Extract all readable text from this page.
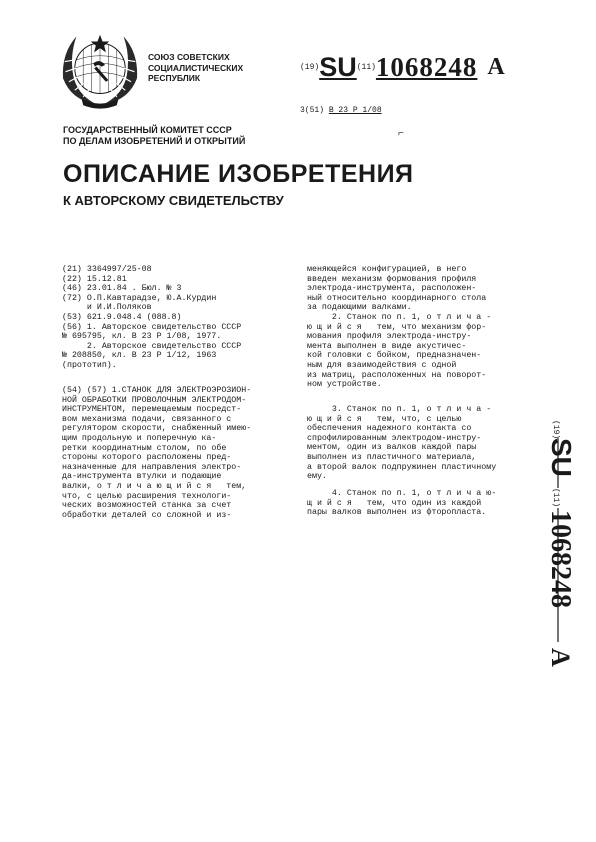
СОЮЗ СОВЕТСКИХ
СОЦИАЛИСТИЧЕСКИХ
РЕСПУБЛИК
(19)SU(11)1068248 A
3(51) В 23 Р 1/08
⌐
ГОСУДАРСТВЕННЫЙ КОМИТЕТ СССР
ПО ДЕЛАМ ИЗОБРЕТЕНИЙ И ОТКРЫТИЙ
ОПИСАНИЕ ИЗОБРЕТЕНИЯ
К АВТОРСКОМУ СВИДЕТЕЛЬСТВУ
(21) 3364997/25-08
(22) 15.12.81
(46) 23.01.84 . Бюл. № 3
(72) О.П.Кавтарадзе, Ю.А.Курдин
и И.И.Поляков
(53) 621.9.048.4 (088.8)
(56) 1. Авторское свидетельство СССР
№ 695795, кл. В 23 Р 1/08, 1977.
2. Авторское свидетельство СССР
№ 208850, кл. В 23 Р 1/12, 1963
(прототип).
(54) (57) 1.СТАНОК ДЛЯ ЭЛЕКТРОЭРОЗИОН-
НОЙ ОБРАБОТКИ ПРОВОЛОЧНЫМ ЭЛЕКТРОДОМ-
ИНСТРУМЕНТОМ, перемещаемым посредст-
вом механизма подачи, связанного с
регулятором скорости, снабженный имею-
щим продольную и поперечную ка-
ретки координатным столом, по обе
стороны которого расположены пред-
назначенные для направления электро-
да-инструмента втулки и подающие
валки, о т л и ч а ю щ и й с я   тем,
что, с целью расширения технологи-
ческих возможностей станка за счет
обработки деталей со сложной и из-
меняющейся конфигурацией, в него
введен механизм формования профиля
электрода-инструмента, расположен-
ный относительно координарного стола
за подающими валками.
2. Станок по п. 1, о т л и ч а -
ю щ и й с я   тем, что механизм фор-
мования профиля электрода-инстру-
мента выполнен в виде акустичес-
кой головки с бойком, предназначен-
ным для взаимодействия с одной
из матриц, расположенных на поворот-
ном устройстве.
3. Станок по п. 1, о т л и ч а -
ю щ и й с я   тем, что, с целью
обеспечения надежного контакта со
спрофилированным электродом-инстру-
ментом, один из валков каждой пары
выполнен из пластичного материала,
а второй валок подпружинен пластичному
ему.
4. Станок по п. 1, о т л и ч а ю-
щ и й с я   тем, что один из каждой
пары валков выполнен из фторопласта.
(19)
SU
(11)
1068248
A
